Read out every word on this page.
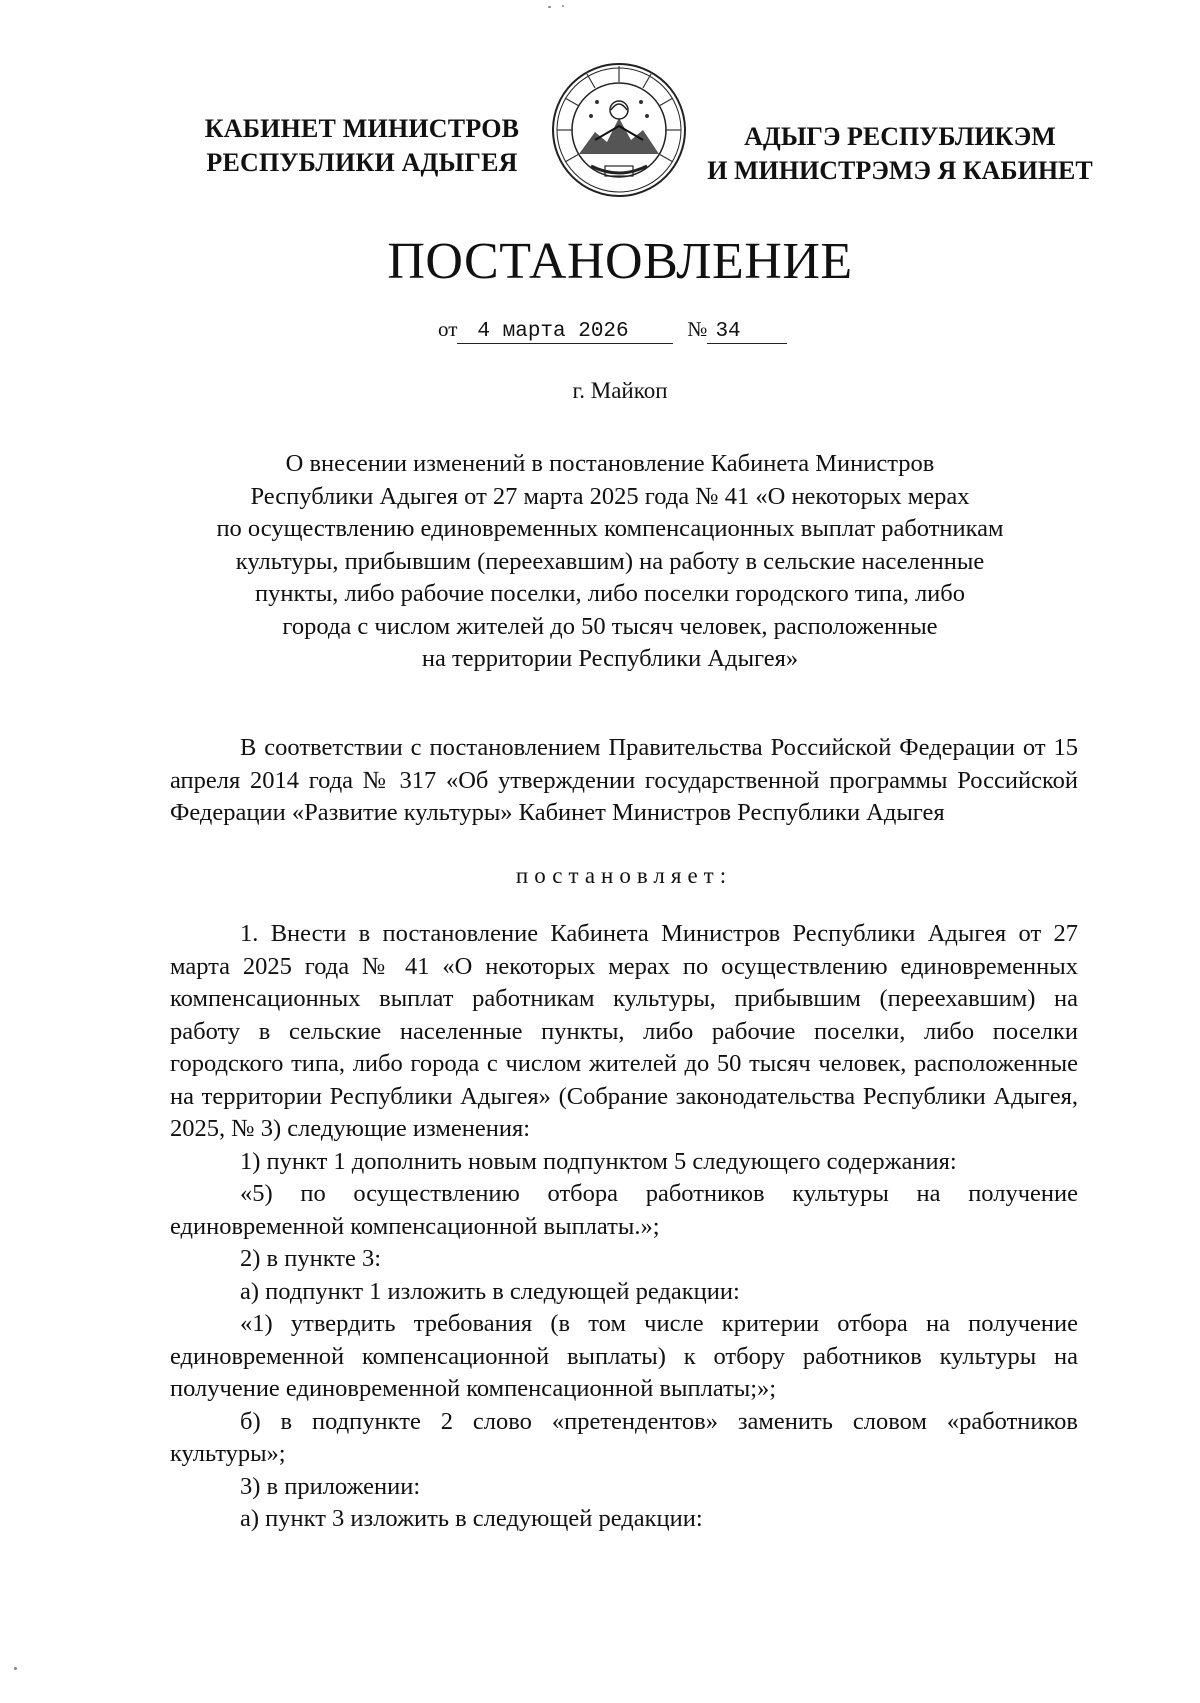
КАБИНЕТ МИНИСТРОВ
РЕСПУБЛИКИ АДЫГЕЯ
АДЫГЭ РЕСПУБЛИКЭМ
И МИНИСТРЭМЭ Я КАБИНЕТ
ПОСТАНОВЛЕНИЕ
от 4 марта 2026	№ 34
г. Майкоп
О внесении изменений в постановление Кабинета Министров
Республики Адыгея от 27 марта 2025 года № 41 «О некоторых мерах
по осуществлению единовременных компенсационных выплат работникам
культуры, прибывшим (переехавшим) на работу в сельские населенные
пункты, либо рабочие поселки, либо поселки городского типа, либо
города с числом жителей до 50 тысяч человек, расположенные
на территории Республики Адыгея»

В соответствии с постановлением Правительства Российской Федерации от 15 апреля 2014 года № 317 «Об утверждении государственной программы Российской Федерации «Развитие культуры» Кабинет Министров Республики Адыгея

постановляет:

1. Внести в постановление Кабинета Министров Республики Адыгея от 27 марта 2025 года № 41 «О некоторых мерах по осуществлению единовременных компенсационных выплат работникам культуры, прибывшим (переехавшим) на работу в сельские населенные пункты, либо рабочие поселки, либо поселки городского типа, либо города с числом жителей до 50 тысяч человек, расположенные на территории Республики Адыгея» (Собрание законодательства Республики Адыгея, 2025, № 3) следующие изменения:

1) пункт 1 дополнить новым подпунктом 5 следующего содержания:

«5) по осуществлению отбора работников культуры на получение единовременной компенсационной выплаты.»;

2) в пункте 3:

а) подпункт 1 изложить в следующей редакции:

«1) утвердить требования (в том числе критерии отбора на получение единовременной компенсационной выплаты) к отбору работников культуры на получение единовременной компенсационной выплаты;»;

б) в подпункте 2 слово «претендентов» заменить словом «работников культуры»;

3) в приложении:

а) пункт 3 изложить в следующей редакции:
